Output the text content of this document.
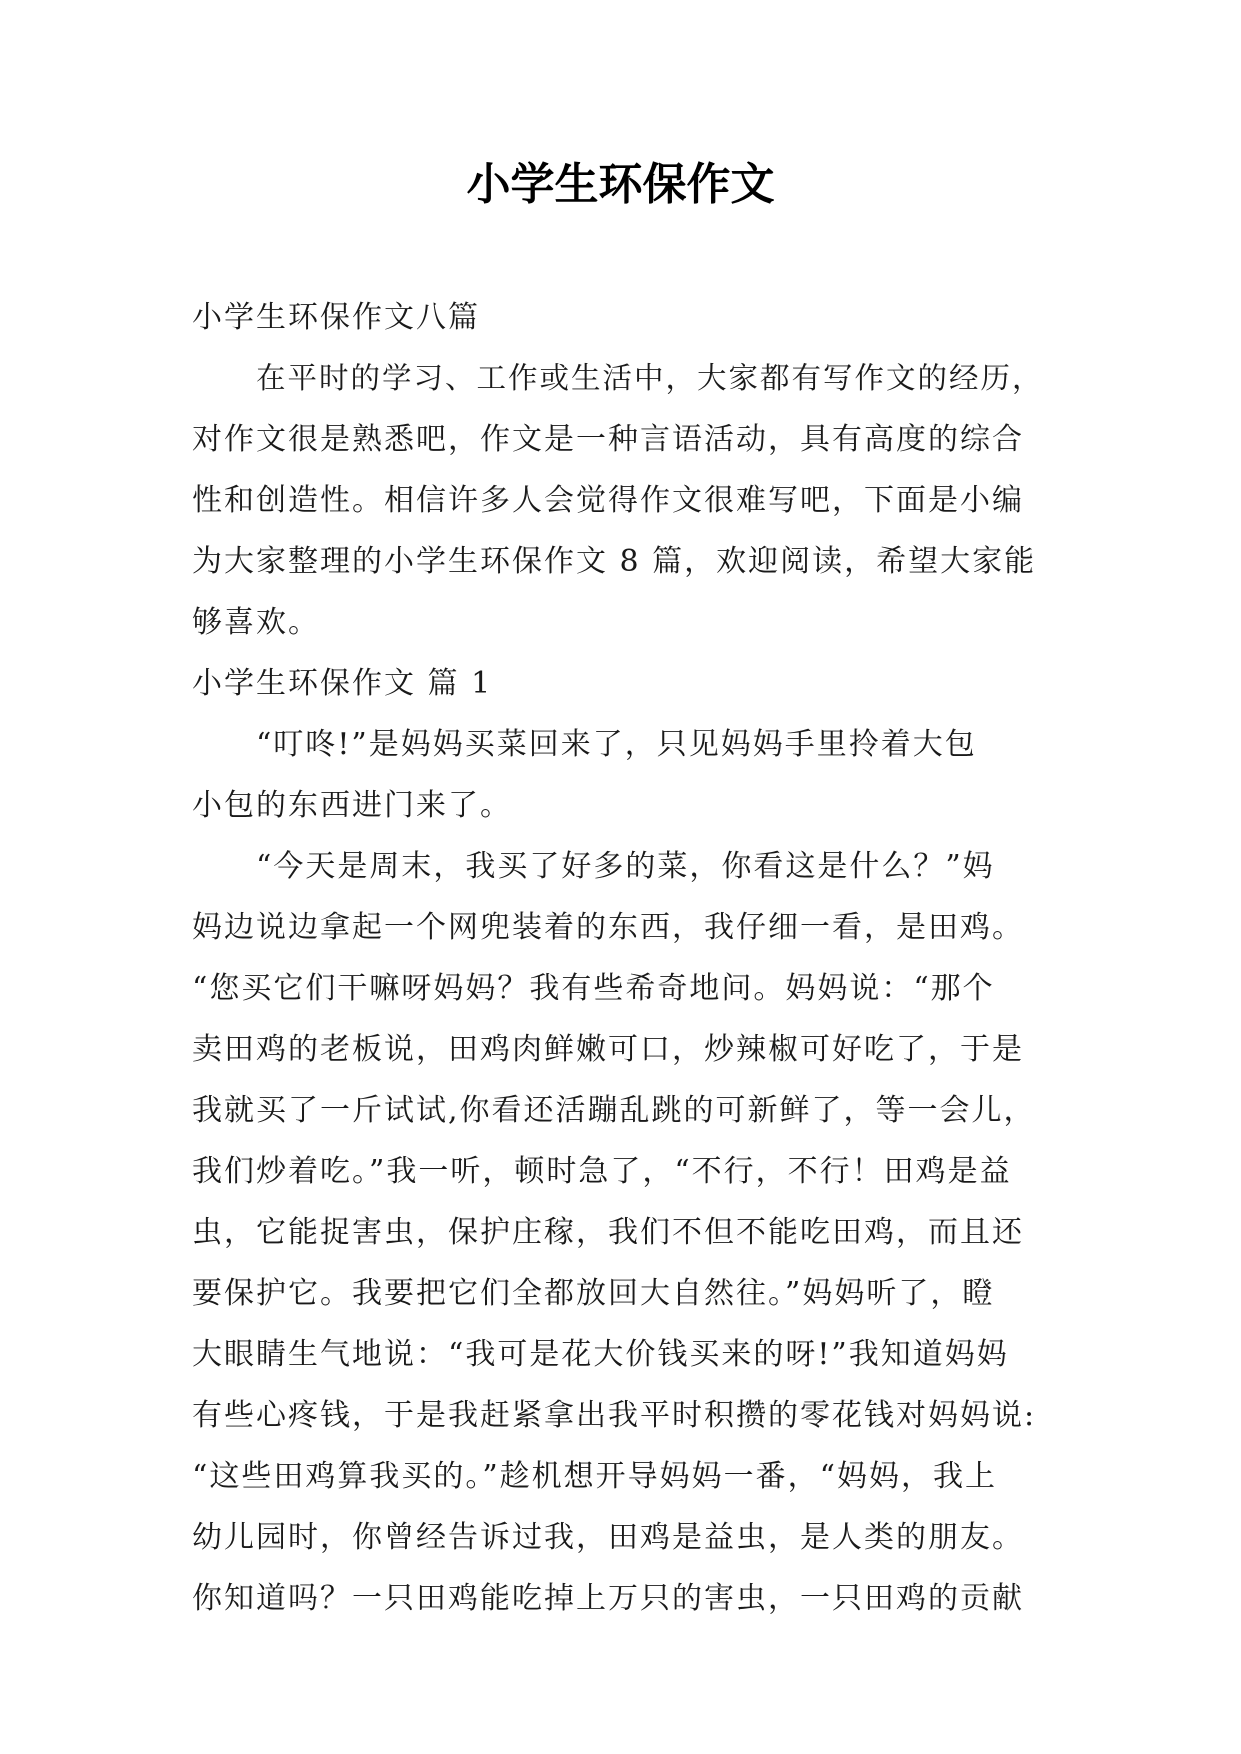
小学生环保作文

小学生环保作文八篇

在平时的学习、工作或生活中，大家都有写作文的经历，

对作文很是熟悉吧，作文是一种言语活动，具有高度的综合

性和创造性。相信许多人会觉得作文很难写吧，下面是小编

为大家整理的小学生环保作文 8 篇，欢迎阅读，希望大家能

够喜欢。

小学生环保作文 篇 1

“叮咚!”是妈妈买菜回来了，只见妈妈手里拎着大包

小包的东西进门来了。

“今天是周末，我买了好多的菜，你看这是什么？”妈

妈边说边拿起一个网兜装着的东西，我仔细一看，是田鸡。

“您买它们干嘛呀妈妈？我有些希奇地问。妈妈说：“那个

卖田鸡的老板说，田鸡肉鲜嫩可口，炒辣椒可好吃了，于是

我就买了一斤试试,你看还活蹦乱跳的可新鲜了，等一会儿，

我们炒着吃。”我一听，顿时急了，“不行，不行！田鸡是益

虫，它能捉害虫，保护庄稼，我们不但不能吃田鸡，而且还

要保护它。我要把它们全都放回大自然往。”妈妈听了，瞪

大眼睛生气地说：“我可是花大价钱买来的呀!”我知道妈妈

有些心疼钱，于是我赶紧拿出我平时积攒的零花钱对妈妈说:

“这些田鸡算我买的。”趁机想开导妈妈一番，“妈妈，我上

幼儿园时，你曾经告诉过我，田鸡是益虫，是人类的朋友。

你知道吗？一只田鸡能吃掉上万只的害虫，一只田鸡的贡献
